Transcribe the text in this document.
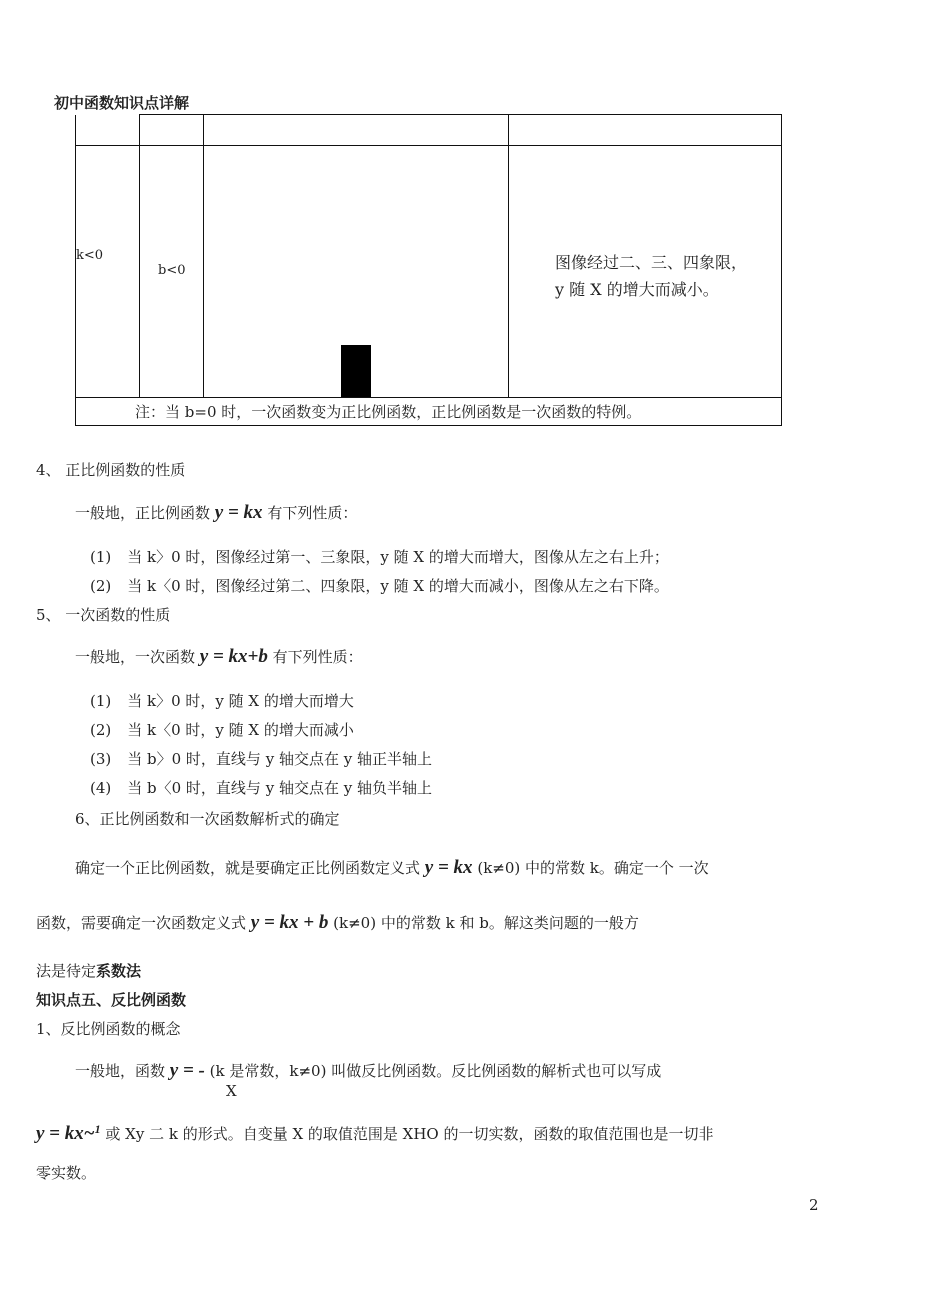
初中函数知识点详解
k<0
b<0	图像经过二、三、四象限，
y 随 X 的增大而减小。
注：当 b=0 时，一次函数变为正比例函数，正比例函数是一次函数的特例。
4、 正比例函数的性质
一般地，正比例函数 y = kx 有下列性质：
(1) 当 k〉0 时，图像经过第一、三象限，y 随 X 的增大而增大，图像从左之右上升；
(2) 当 k〈0 时，图像经过第二、四象限，y 随 X 的增大而减小，图像从左之右下降。
5、 一次函数的性质
一般地，一次函数 y = kx+b 有下列性质：
(1) 当 k〉0 时，y 随 X 的增大而增大
(2) 当 k〈0 时，y 随 X 的增大而减小
(3) 当 b〉0 时，直线与 y 轴交点在 y 轴正半轴上
(4) 当 b〈0 时，直线与 y 轴交点在 y 轴负半轴上
6、正比例函数和一次函数解析式的确定
确定一个正比例函数，就是要确定正比例函数定义式 y = kx (k≠0) 中的常数 k。确定一个 一次
函数，需要确定一次函数定义式 y = kx + b (k≠0) 中的常数 k 和 b。解这类问题的一般方
法是待定系数法
知识点五、反比例函数
1、反比例函数的概念
一般地，函数 y = - (k 是常数，k≠0) 叫做反比例函数。反比例函数的解析式也可以写成
X
y = kx~$^1$ 或 Xy 二 k 的形式。自变量 X 的取值范围是 XHO 的一切实数，函数的取值范围也是一切非
零实数。
2
